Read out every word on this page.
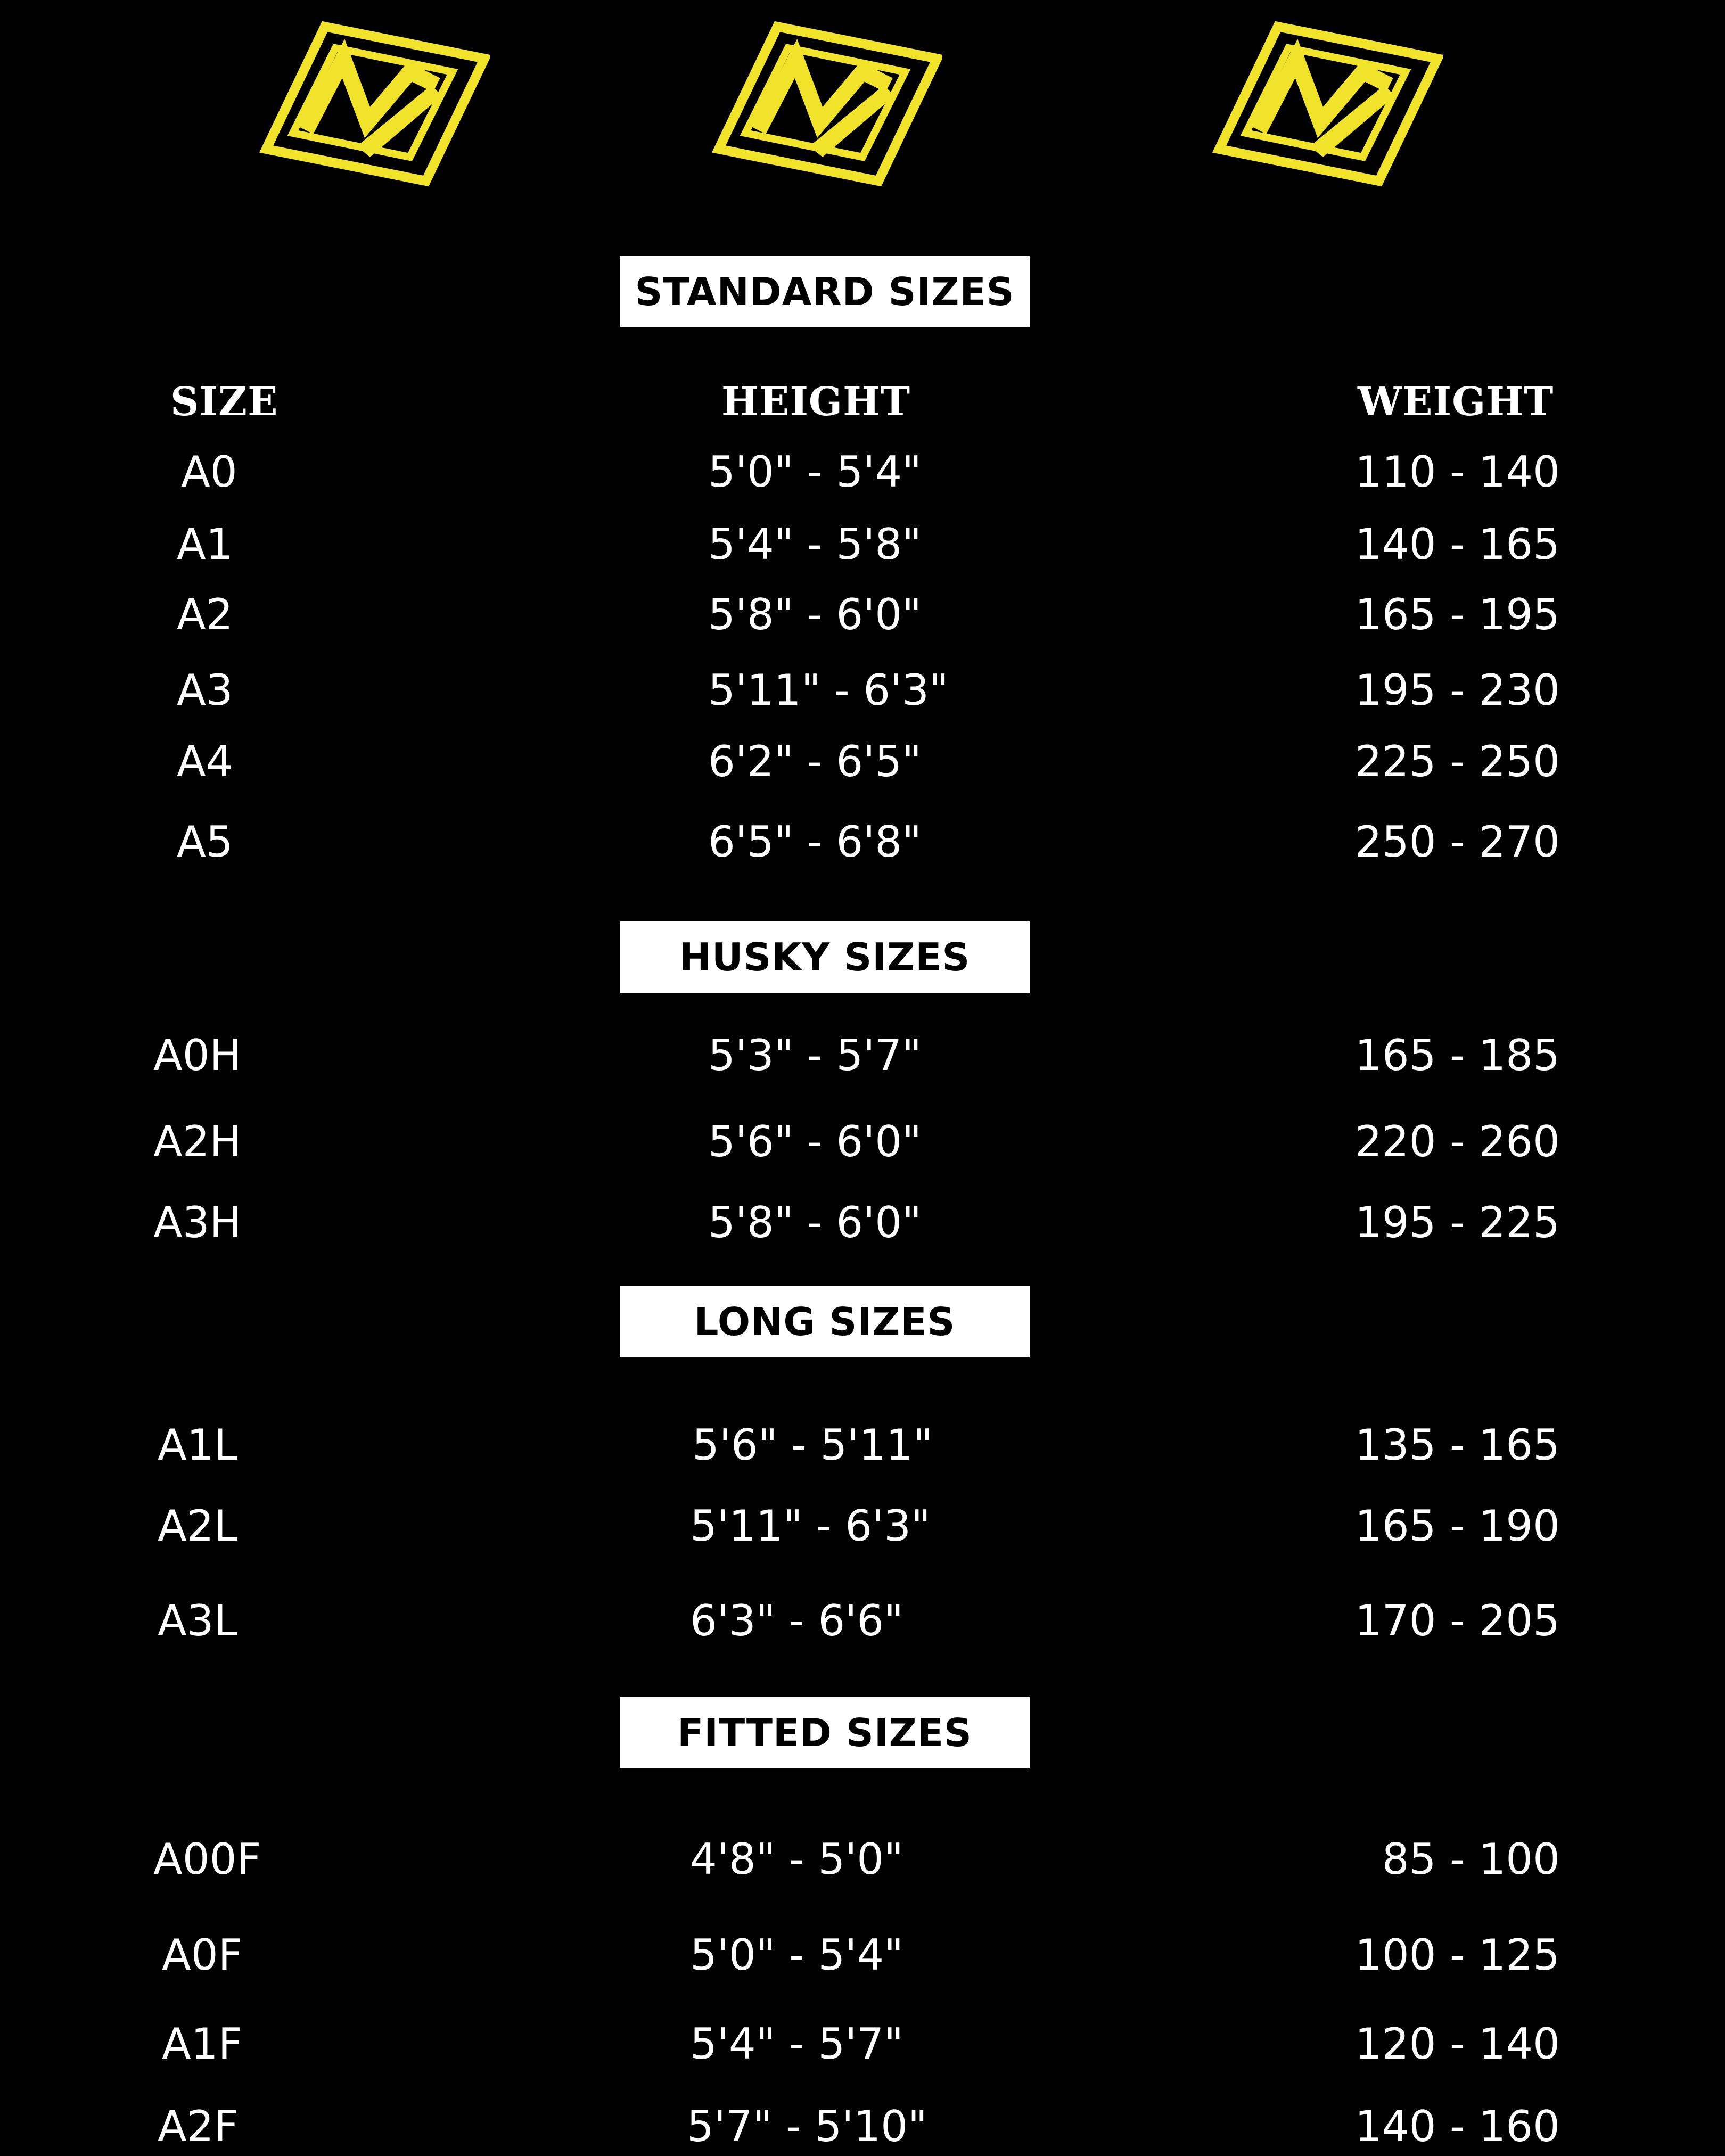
STANDARD SIZES
SIZE	HEIGHT	WEIGHT
A0	5'0" - 5'4"	110 - 140
A1	5'4" - 5'8"	140 - 165
A2	5'8" - 6'0"	165 - 195
A3	5'11" - 6'3"	195 - 230
A4	6'2" - 6'5"	225 - 250
A5	6'5" - 6'8"	250 - 270
HUSKY SIZES
A0H	5'3" - 5'7"	165 - 185
A2H	5'6" - 6'0"	220 - 260
A3H	5'8" - 6'0"	195 - 225
LONG SIZES
A1L	5'6" - 5'11"	135 - 165
A2L	5'11" - 6'3"	165 - 190
A3L	6'3" - 6'6"	170 - 205
FITTED SIZES
A00F	4'8" - 5'0"	85 - 100
A0F	5'0" - 5'4"	100 - 125
A1F	5'4" - 5'7"	120 - 140
A2F	5'7" - 5'10"	140 - 160
